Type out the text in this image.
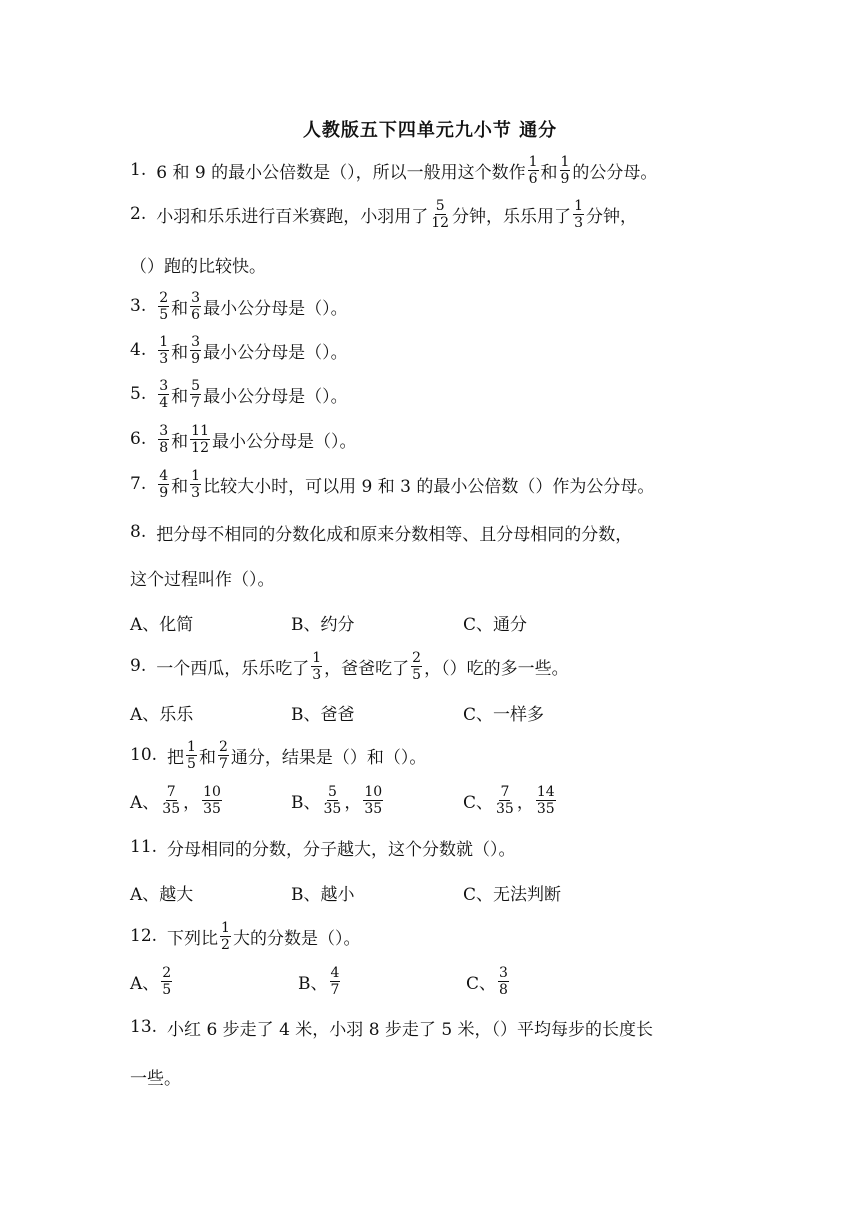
人教版五下四单元九小节 通分
1. 6 和 9 的最小公倍数是（），所以一般用这个数作 $\frac{1}{6}$ 和 $\frac{1}{9}$ 的公分母。
2. 小羽和乐乐进行百米赛跑，小羽用了 $\frac{5}{12}$ 分钟，乐乐用了 $\frac{1}{3}$ 分钟，
（）跑的比较快。
3. $\frac{2}{5}$ 和 $\frac{3}{6}$ 最小公分母是（）。
4. $\frac{1}{3}$ 和 $\frac{3}{9}$ 最小公分母是（）。
5. $\frac{3}{4}$ 和 $\frac{5}{7}$ 最小公分母是（）。
6. $\frac{3}{8}$ 和 $\frac{11}{12}$ 最小公分母是（）。
7. $\frac{4}{9}$ 和 $\frac{1}{3}$ 比较大小时，可以用 9 和 3 的最小公倍数（）作为公分母。
8. 把分母不相同的分数化成和原来分数相等、且分母相同的分数，
这个过程叫作（）。
A、化简	B、约分	C、通分
9. 一个西瓜，乐乐吃了 $\frac{1}{3}$ ，爸爸吃了 $\frac{2}{5}$ ，（）吃的多一些。
A、乐乐	B、爸爸	C、一样多
10. 把 $\frac{1}{5}$ 和 $\frac{2}{7}$ 通分，结果是（）和（）。
A、 $\frac{7}{35}$ ， $\frac{10}{35}$	B、 $\frac{5}{35}$ ， $\frac{10}{35}$	C、 $\frac{7}{35}$ ， $\frac{14}{35}$
11. 分母相同的分数，分子越大，这个分数就（）。
A、越大	B、越小	C、无法判断
12. 下列比 $\frac{1}{2}$ 大的分数是（）。
A、 $\frac{2}{5}$	B、 $\frac{4}{7}$	C、 $\frac{3}{8}$
13. 小红 6 步走了 4 米，小羽 8 步走了 5 米，（）平均每步的长度长
一些。
